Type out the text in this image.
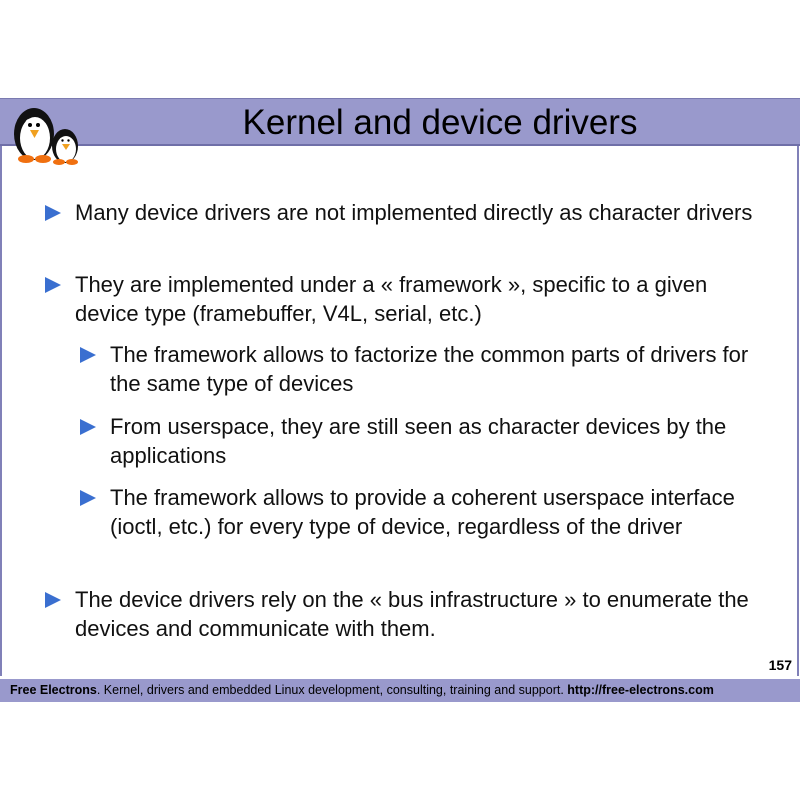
Kernel and device drivers
Many device drivers are not implemented directly as character drivers
They are implemented under a « framework », specific to a given device type (framebuffer, V4L, serial, etc.)
The framework allows to factorize the common parts of drivers for the same type of devices
From userspace, they are still seen as character devices by the applications
The framework allows to provide a coherent userspace interface (ioctl, etc.) for every type of device, regardless of the driver
The device drivers rely on the « bus infrastructure » to enumerate the devices and communicate with them.
157
Free Electrons. Kernel, drivers and embedded Linux development, consulting, training and support. http://free-electrons.com
